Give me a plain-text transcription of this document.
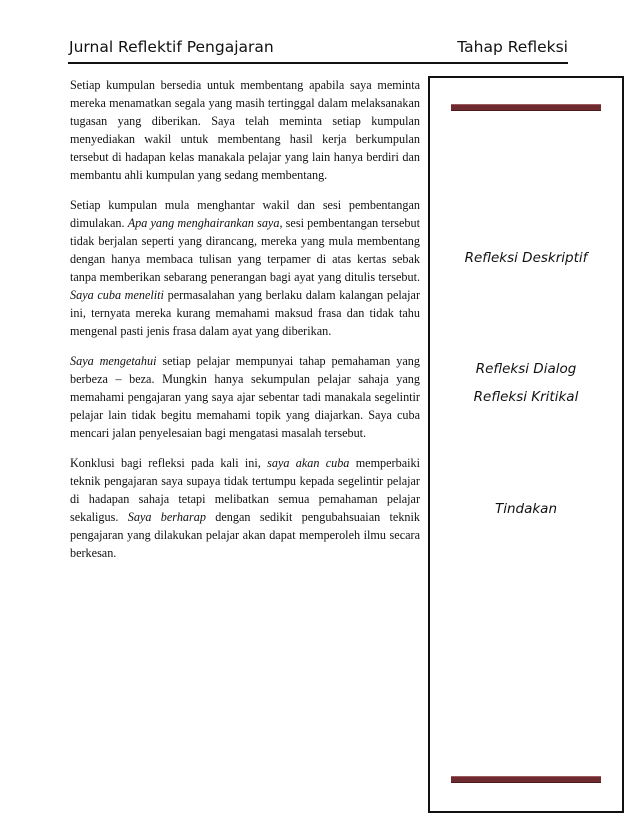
Jurnal Reflektif Pengajaran	Tahap Refleksi

Setiap kumpulan bersedia untuk membentang apabila saya meminta mereka menamatkan segala yang masih tertinggal dalam melaksanakan tugasan yang diberikan. Saya telah meminta setiap kumpulan menyediakan wakil untuk membentang hasil kerja berkumpulan tersebut di hadapan kelas manakala pelajar yang lain hanya berdiri dan membantu ahli kumpulan yang sedang membentang.

Setiap kumpulan mula menghantar wakil dan sesi pembentangan dimulakan. Apa yang menghairankan saya, sesi pembentangan tersebut tidak berjalan seperti yang dirancang, mereka yang mula membentang dengan hanya membaca tulisan yang terpamer di atas kertas sebak tanpa memberikan sebarang penerangan bagi ayat yang ditulis tersebut. Saya cuba meneliti permasalahan yang berlaku dalam kalangan pelajar ini, ternyata mereka kurang memahami maksud frasa dan tidak tahu mengenal pasti jenis frasa dalam ayat yang diberikan.

Saya mengetahui setiap pelajar mempunyai tahap pemahaman yang berbeza – beza. Mungkin hanya sekumpulan pelajar sahaja yang memahami pengajaran yang saya ajar sebentar tadi manakala segelintir pelajar lain tidak begitu memahami topik yang diajarkan. Saya cuba mencari jalan penyelesaian bagi mengatasi masalah tersebut.

Konklusi bagi refleksi pada kali ini, saya akan cuba memperbaiki teknik pengajaran saya supaya tidak tertumpu kepada segelintir pelajar di hadapan sahaja tetapi melibatkan semua pemahaman pelajar sekaligus. Saya berharap dengan sedikit pengubahsuaian teknik pengajaran yang dilakukan pelajar akan dapat memperoleh ilmu secara berkesan.

Refleksi Deskriptif
Refleksi Dialog
Refleksi Kritikal
Tindakan
